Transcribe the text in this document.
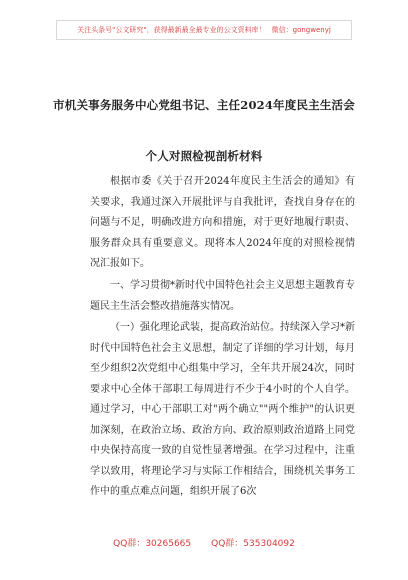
关注头条号"公文研究"，获得最新最全最专业的公文资料库！ 微信：gongwenyj
市机关事务服务中心党组书记、主任2024年度民主生活会
个人对照检视剖析材料

根据市委《关于召开2024年度民主生活会的通知》有关要求，我通过深入开展批评与自我批评，查找自身存在的问题与不足，明确改进方向和措施，对于更好地履行职责、服务群众具有重要意义。现将本人2024年度的对照检视情况汇报如下。

一、学习贯彻*新时代中国特色社会主义思想主题教育专题民主生活会整改措施落实情况。

（一）强化理论武装，提高政治站位。持续深入学习*新时代中国特色社会主义思想，制定了详细的学习计划，每月至少组织2次党组中心组集中学习，全年共开展24次，同时要求中心全体干部职工每周进行不少于4小时的个人自学。通过学习，中心干部职工对"两个确立""两个维护"的认识更加深刻，在政治立场、政治方向、政治原则政治道路上同党中央保持高度一致的自觉性显著增强。在学习过程中，注重学以致用，将理论学习与实际工作相结合，围绕机关事务工作中的重点难点问题，组织开展了6次

QQ群：30265665 QQ群：535304092
